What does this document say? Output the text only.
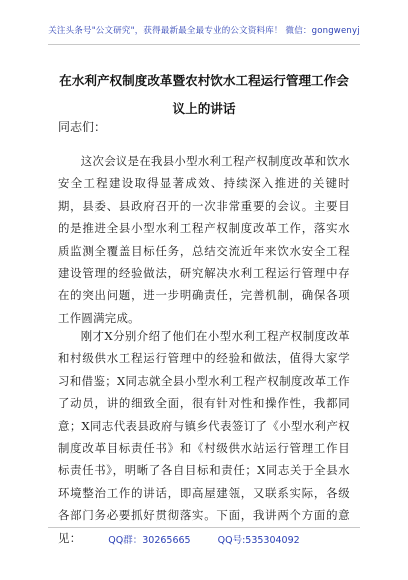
关注头条号"公文研究"，获得最新最全最专业的公文资料库！ 微信：gongwenyj
在水利产权制度改革暨农村饮水工程运行管理工作会议上的讲话
同志们：

这次会议是在我县小型水利工程产权制度改革和饮水安全工程建设取得显著成效、持续深入推进的关键时期，县委、县政府召开的一次非常重要的会议。主要目的是推进全县小型水利工程产权制度改革工作，落实水质监测全覆盖目标任务，总结交流近年来饮水安全工程建设管理的经验做法，研究解决水利工程运行管理中存在的突出问题，进一步明确责任，完善机制，确保各项工作圆满完成。

刚才X分别介绍了他们在小型水利工程产权制度改革和村级供水工程运行管理中的经验和做法，值得大家学习和借鉴；X同志就全县小型水利工程产权制度改革工作了动员，讲的细致全面，很有针对性和操作性，我都同意；X同志代表县政府与镇乡代表签订了《小型水利产权制度改革目标责任书》和《村级供水站运行管理工作目标责任书》，明晰了各自目标和责任；X同志关于全县水环境整治工作的讲话，即高屋建瓴，又联系实际，各级各部门务必要抓好贯彻落实。下面，我讲两个方面的意见：	QQ群：30265665	QQ号:535304092
